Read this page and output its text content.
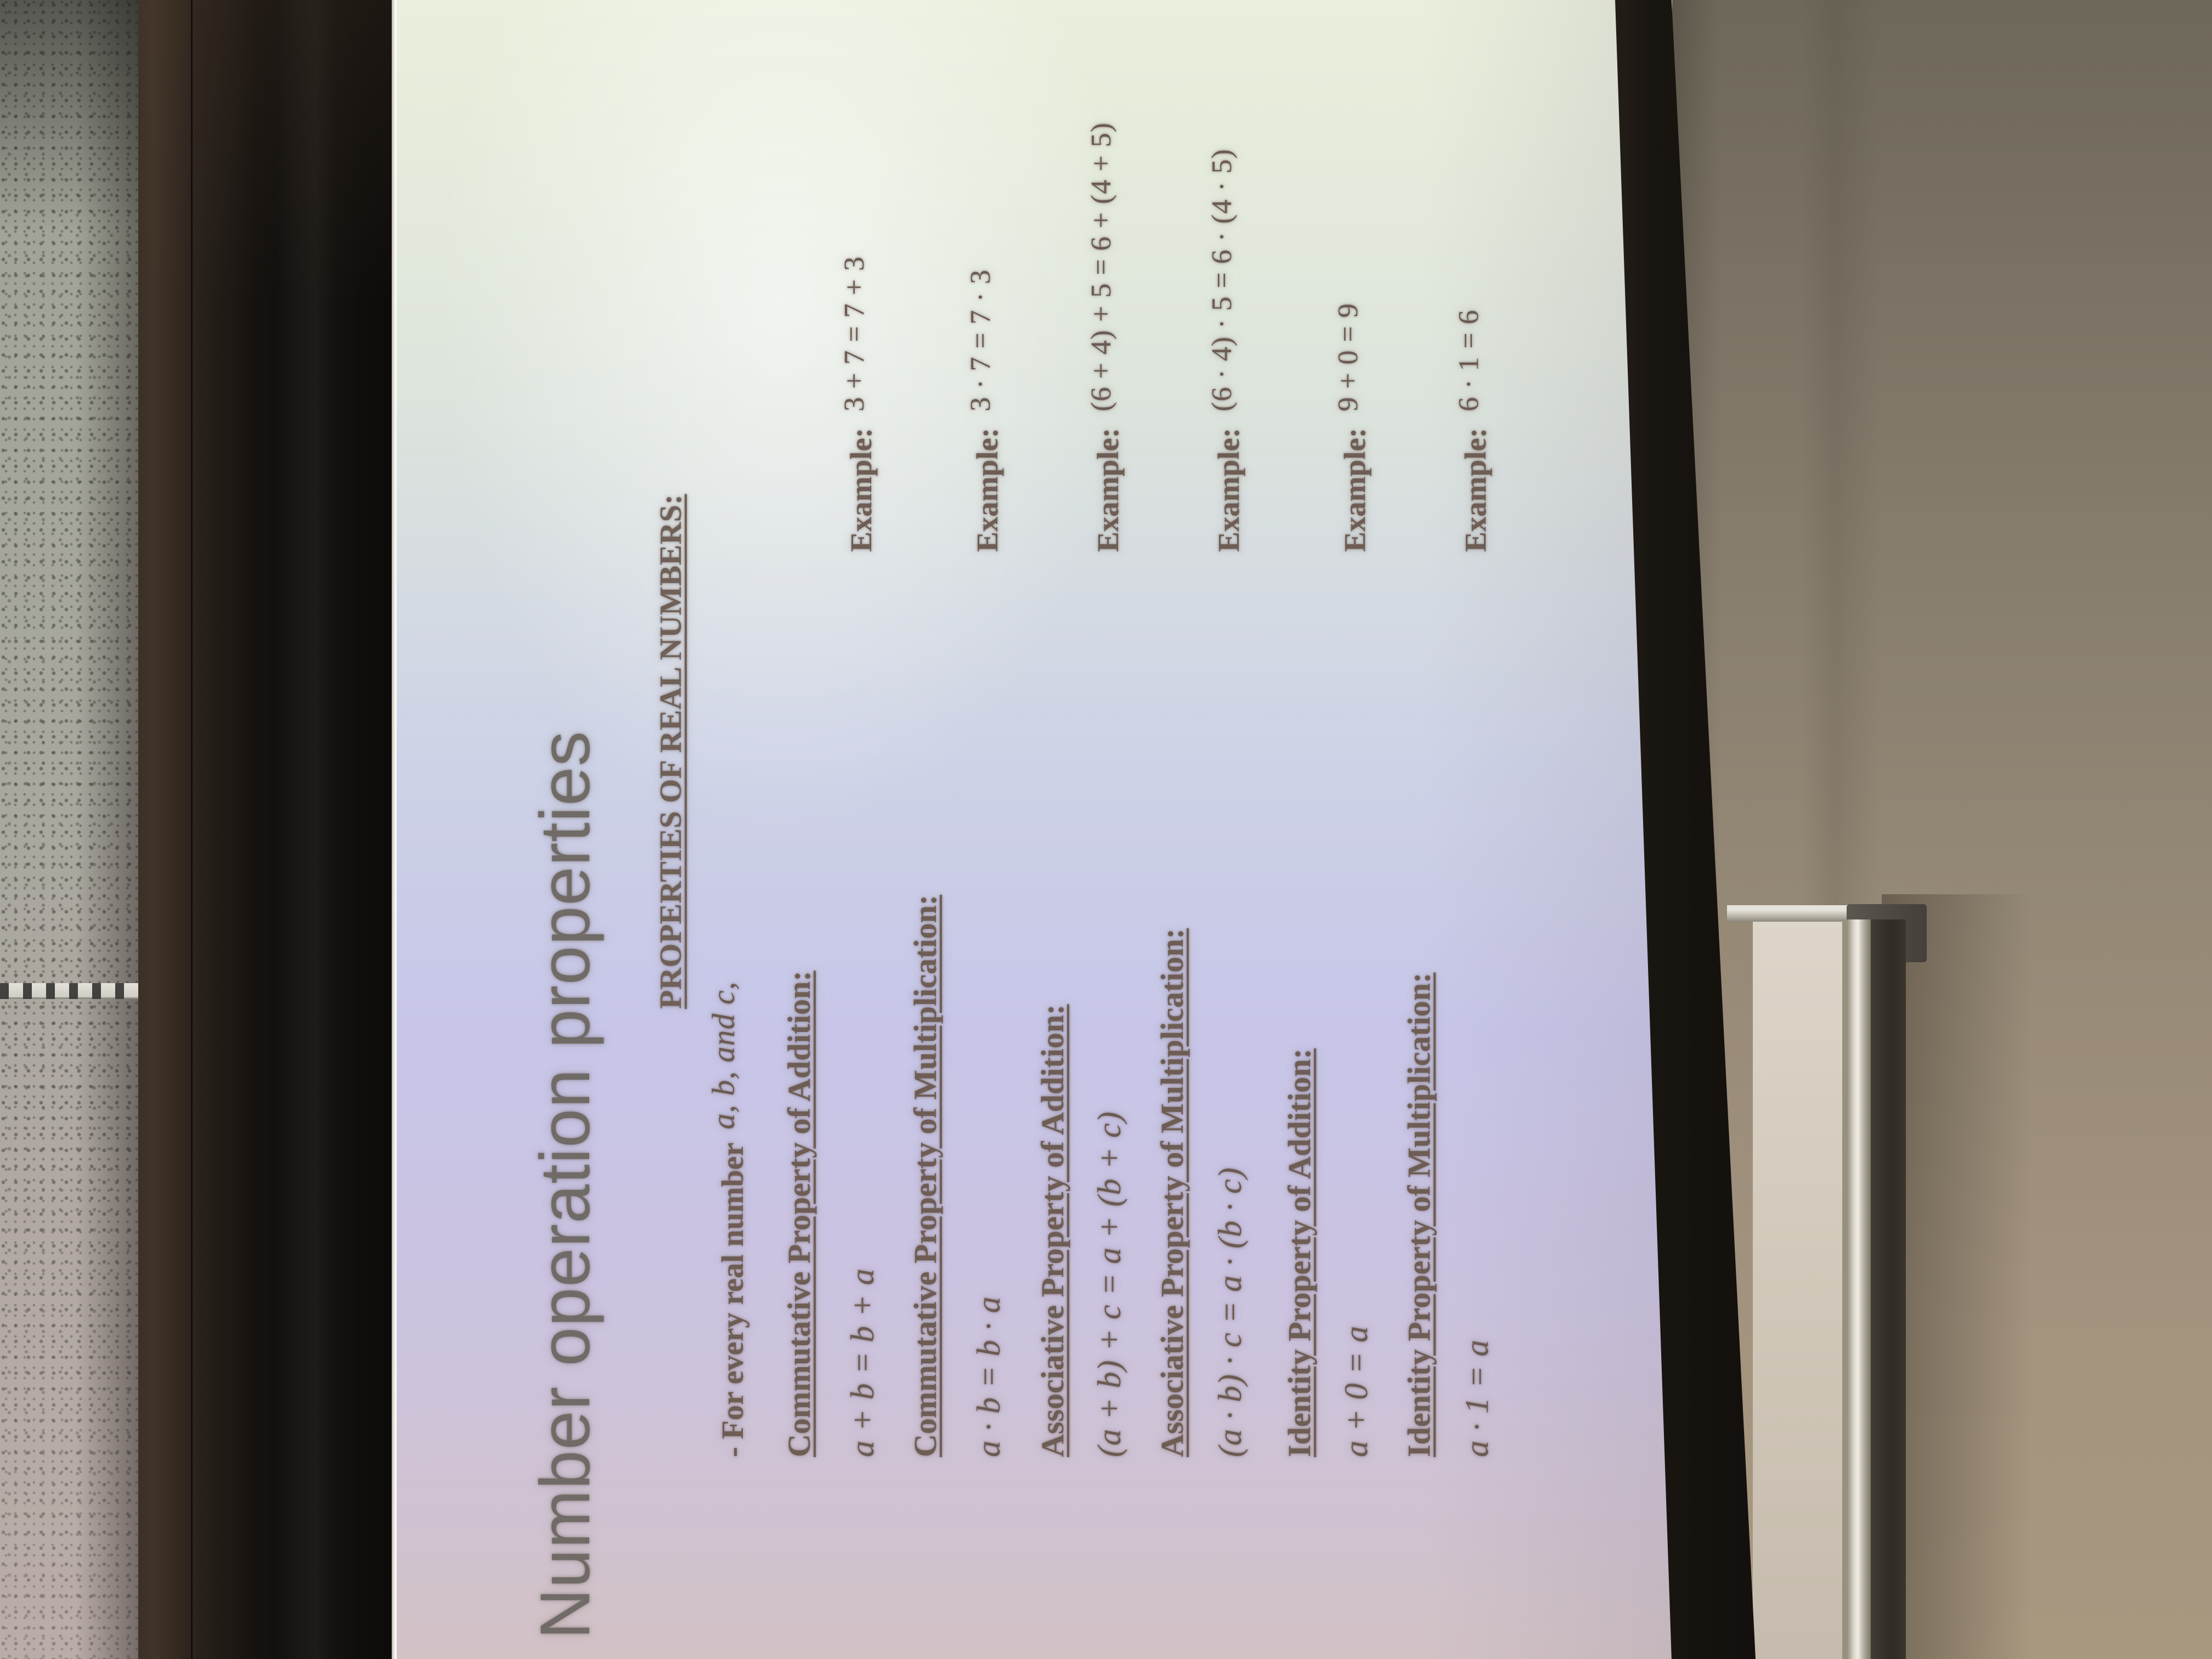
Number operation properties PROPERTIES OF REAL NUMBERS:
- For every real number a, b, and c, Commutative Property of Addition: a + b = b + a
Example: 3 + 7 = 7 + 3
Commutative Property of Multiplication: a · b = b · a
Example: 3 · 7 = 7 · 3
Associative Property of Addition: (a + b) + c = a + (b + c)
Example: (6 + 4) + 5 = 6 + (4 + 5)
Associative Property of Multiplication: (a · b) · c = a · (b · c)
Example: (6 · 4) · 5 = 6 · (4 · 5)
Identity Property of Addition: a + 0 = a
Example: 9 + 0 = 9
Identity Property of Multiplication: a · 1 = a
Example: 6 · 1 = 6
